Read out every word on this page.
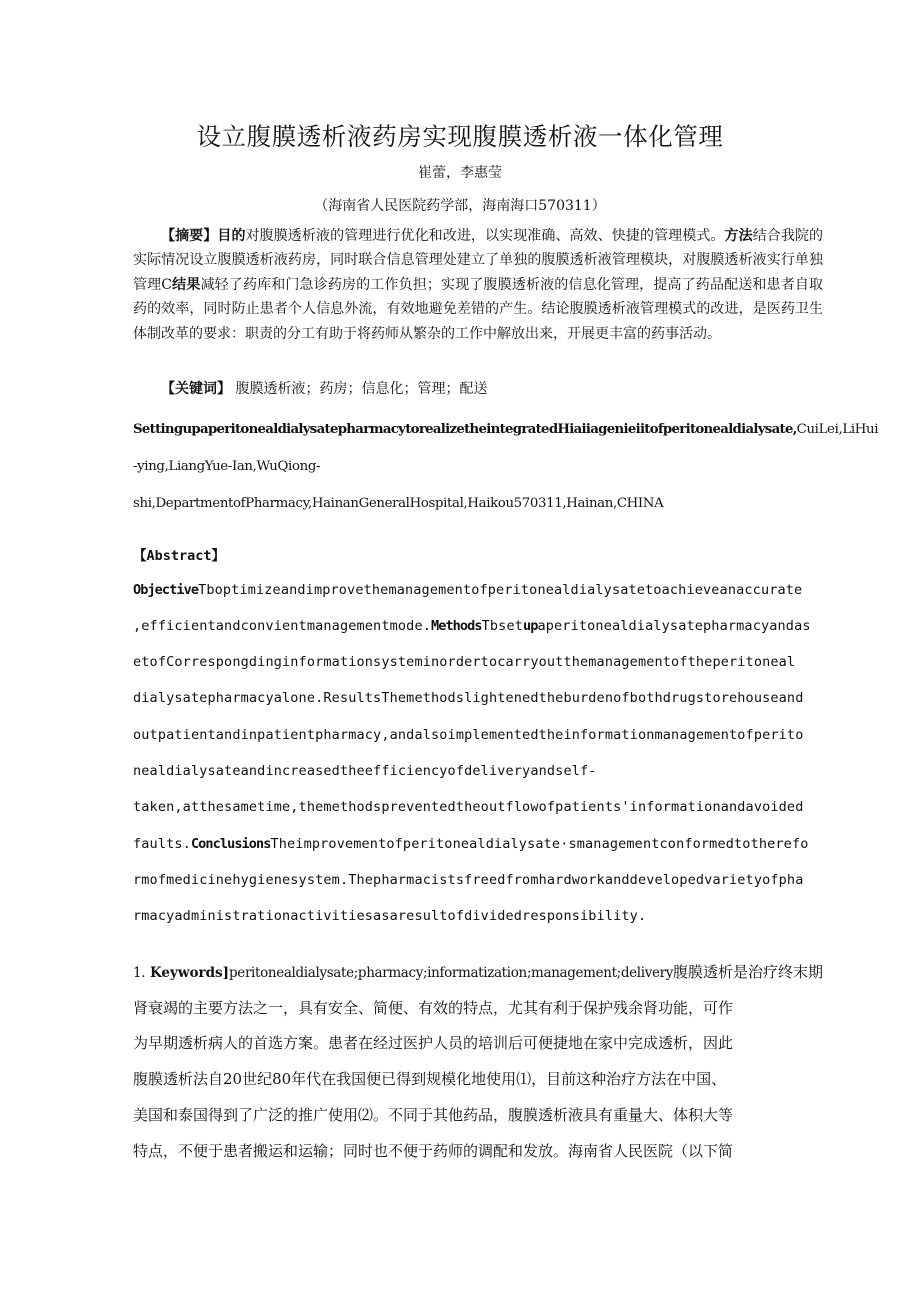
设立腹膜透析液药房实现腹膜透析液一体化管理
崔蕾，李惠莹
（海南省人民医院药学部，海南海口570311）
【摘要】目的对腹膜透析液的管理进行优化和改进，以实现准确、高效、快捷的管理模式。方法结合我院的实际情况设立腹膜透析液药房，同时联合信息管理处建立了单独的腹膜透析液管理模块，对腹膜透析液实行单独管理C结果减轻了药库和门急诊药房的工作负担；实现了腹膜透析液的信息化管理，提高了药品配送和患者自取药的效率，同时防止患者个人信息外流，有效地避免差错的产生。结论腹膜透析液管理模式的改进，是医药卫生体制改革的要求：职责的分工有助于将药师从繁杂的工作中解放出来，开展更丰富的药事活动。
【关键词】 腹膜透析液；药房；信息化；管理；配送
SettingupaperitonealdialysatepharmacytorealizetheintegratedHiaiiagenieiitofperitonealdialysate,CuiLei,LiHui
-ying,LiangYue-Ian,WuQiong-
shi,DepartmentofPharmacy,HainanGeneralHospital,Haikou570311,Hainan,CHINA
【Abstract】
ObjectiveTboptimizeandimprovethemanagementofperitonealdialysatetoachieveanaccurate
,efficientandconvientmanagementmode.MethodsTbsetupaperitonealdialysatepharmacyandas
etofCorrespongdinginformationsysteminordertocarryoutthemanagementoftheperitoneal
dialysatepharmacyalone.ResultsThemethodslightenedtheburdenofbothdrugstorehouseand
outpatientandinpatientpharmacy,andalsoimplementedtheinformationmanagementofperito
nealdialysateandincreasedtheefficiencyofdeliveryandself-
taken,atthesametime,themethodspreventedtheoutflowofpatients'informationandavoided
faults.ConclusionsTheimprovementofperitonealdialysate·smanagementconformedtotherefo
rmofmedicinehygienesystem.Thepharmacistsfreedfromhardworkanddevelopedvarietyofpha
rmacyadministrationactivitiesasaresultofdividedresponsibility.
1. Keywords]peritonealdialysate;pharmacy;informatization;management;delivery腹膜透析是治疗终末期
肾衰竭的主要方法之一，具有安全、简便、有效的特点，尤其有利于保护残余肾功能，可作
为早期透析病人的首选方案。患者在经过医护人员的培训后可便捷地在家中完成透析，因此
腹膜透析法自20世纪80年代在我国便已得到规模化地使用⑴，目前这种治疗方法在中国、
美国和泰国得到了广泛的推广使用⑵。不同于其他药品，腹膜透析液具有重量大、体积大等
特点，不便于患者搬运和运输；同时也不便于药师的调配和发放。海南省人民医院（以下简
